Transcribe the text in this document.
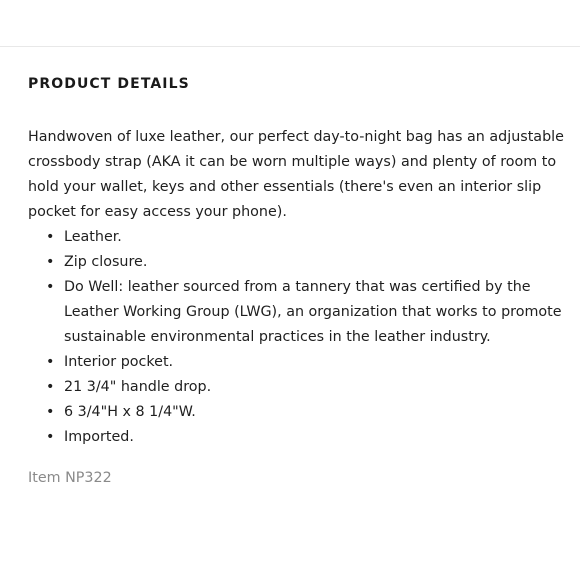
PRODUCT DETAILS

Handwoven of luxe leather, our perfect day-to-night bag has an adjustable crossbody strap (AKA it can be worn multiple ways) and plenty of room to hold your wallet, keys and other essentials (there's even an interior slip pocket for easy access your phone).

• Leather.
• Zip closure.
• Do Well: leather sourced from a tannery that was certified by the Leather Working Group (LWG), an organization that works to promote sustainable environmental practices in the leather industry.
• Interior pocket.
• 21 3/4" handle drop.
• 6 3/4"H x 8 1/4"W.
• Imported.

Item NP322
